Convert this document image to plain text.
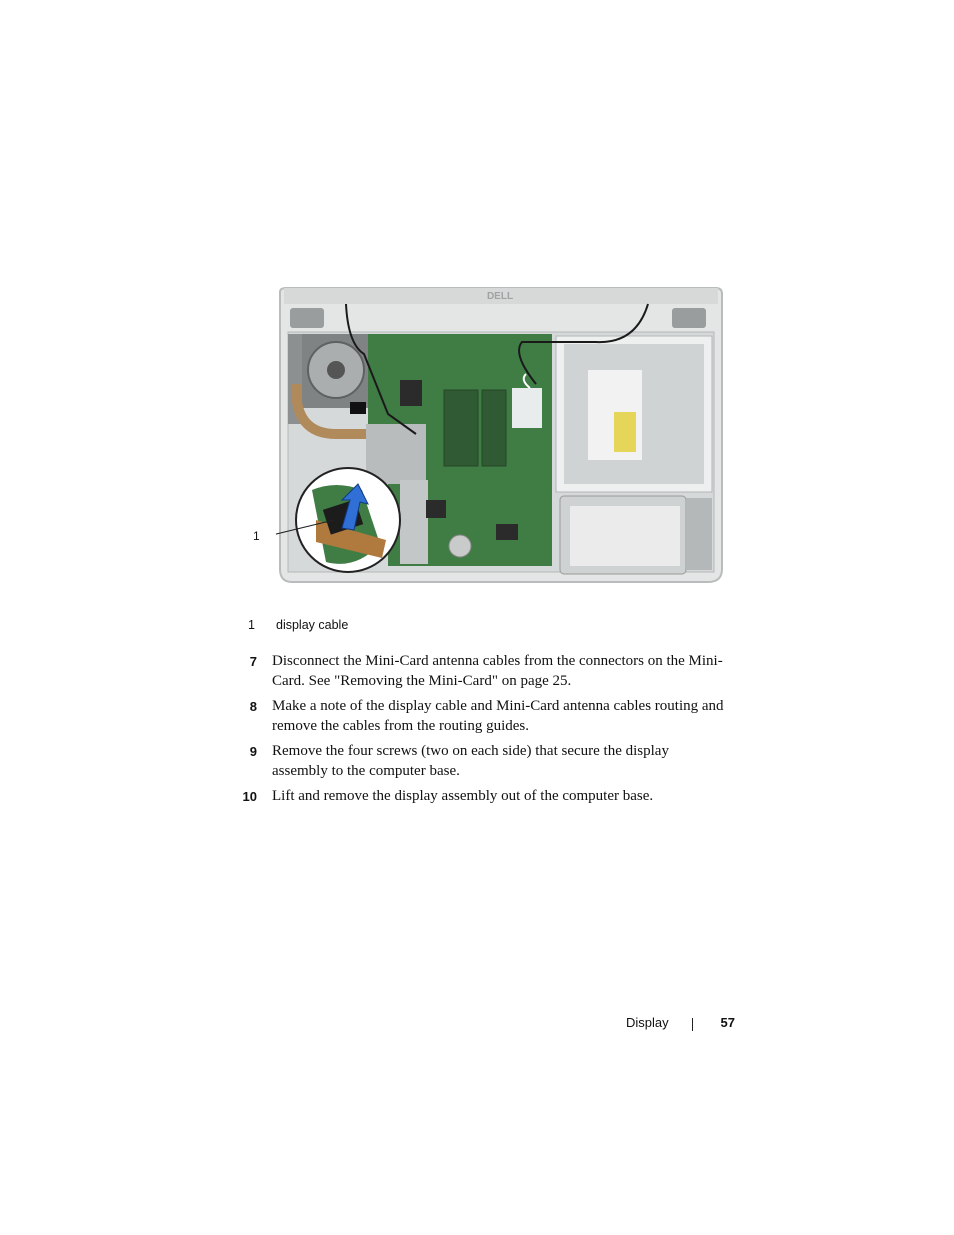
DELL
1
1 display cable
7 Disconnect the Mini-Card antenna cables from the connectors on the Mini-Card. See "Removing the Mini-Card" on page 25.
8 Make a note of the display cable and Mini-Card antenna cables routing and remove the cables from the routing guides.
9 Remove the four screws (two on each side) that secure the display assembly to the computer base.
10 Lift and remove the display assembly out of the computer base.
Display	57
